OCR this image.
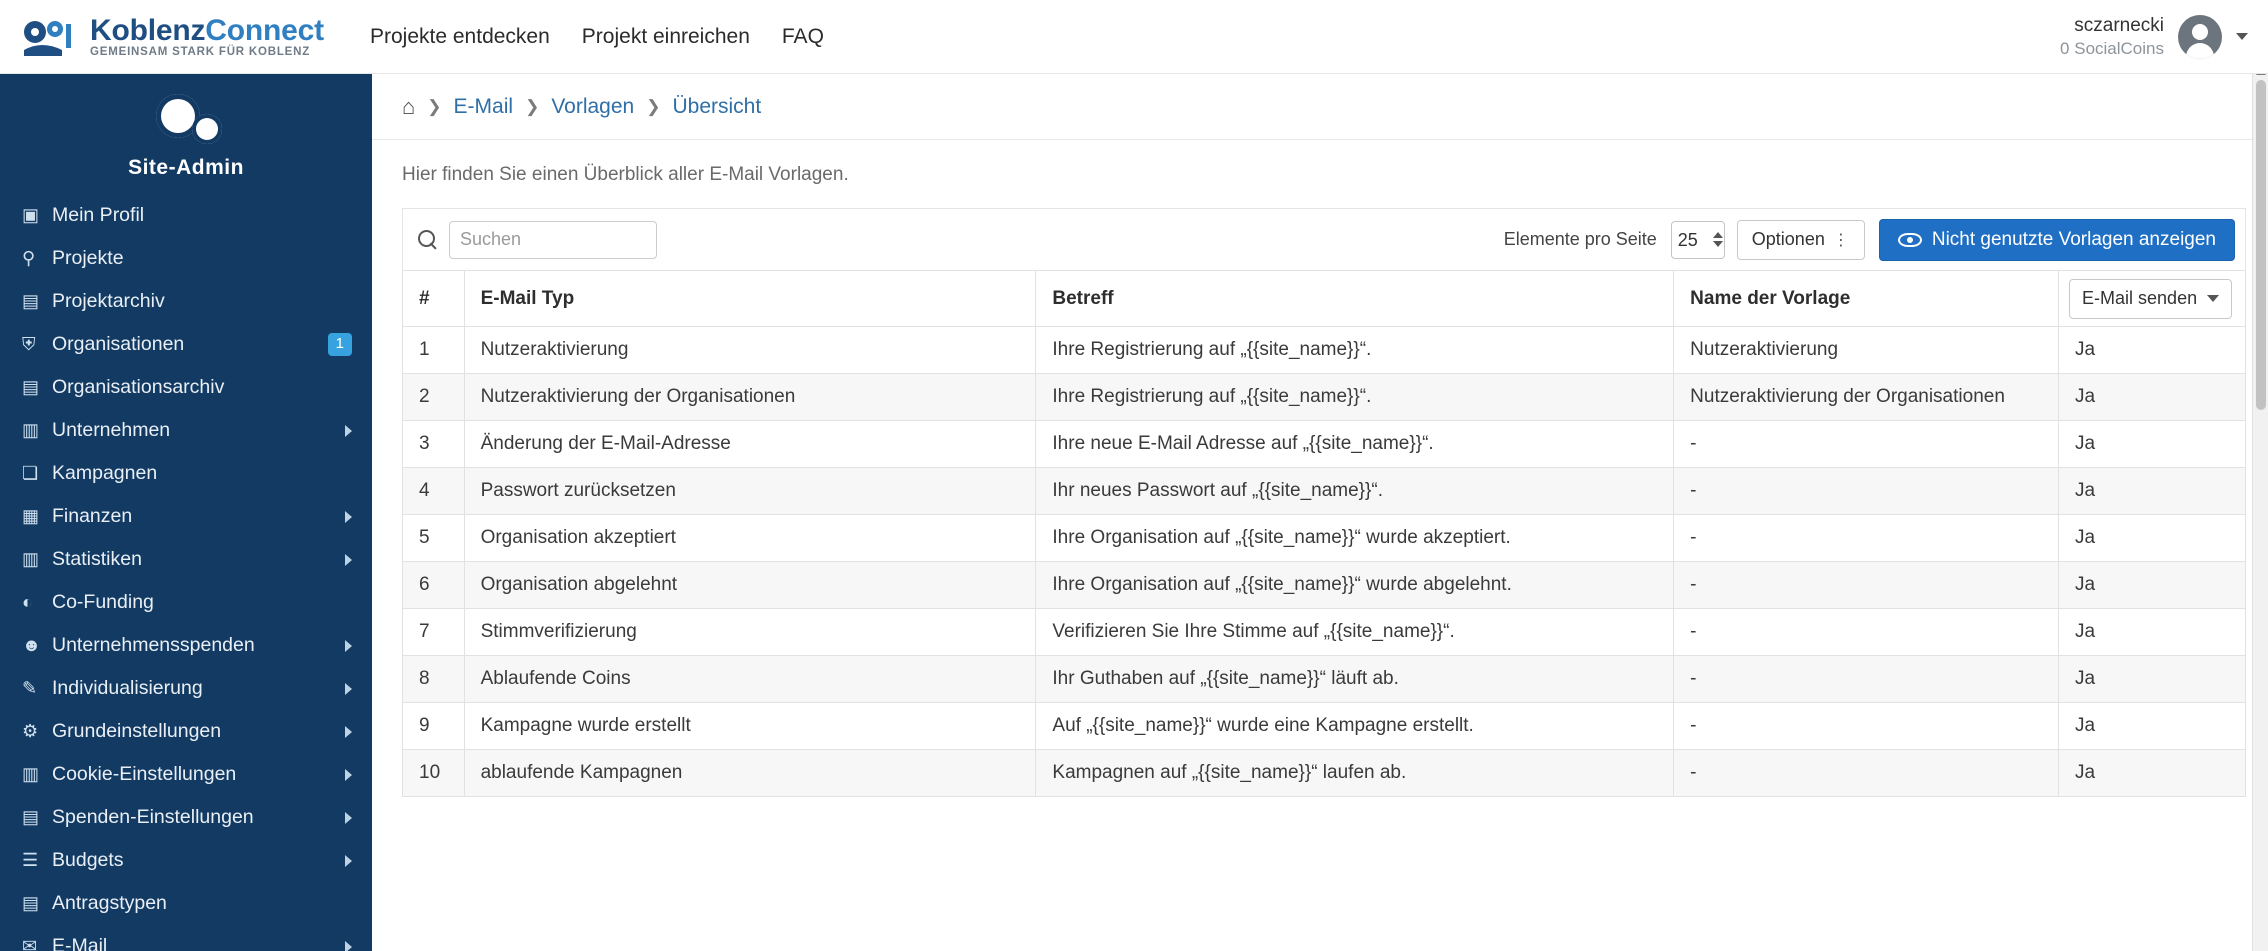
KoblenzConnect
GEMEINSAM STARK FÜR KOBLENZ
Projekte entdecken Projekt einreichen FAQ	sczarnecki
0 SocialCoins
Site-Admin
▣ Mein Profil
⚲ Projekte
▤ Projektarchiv
⛨ Organisationen	1
▤ Organisationsarchiv
▥ Unternehmen
❏ Kampagnen
▦ Finanzen
▥ Statistiken
◐ Co-Funding
☻ Unternehmensspenden
✎ Individualisierung
⚙ Grundeinstellungen
▥ Cookie-Einstellungen
▤ Spenden-Einstellungen
☰ Budgets
▤ Antragstypen
✉ E-Mail
⌂ ❯ E-Mail ❯ Vorlagen ❯ Übersicht
Hier finden Sie einen Überblick aller E-Mail Vorlagen.
Suchen
Elemente pro Seite
25	Optionen ⋮	Nicht genutzte Vorlagen anzeigen
#	E-Mail Typ	Betreff	Name der Vorlage	E-Mail senden

1	Nutzeraktivierung	Ihre Registrierung auf „{{site_name}}“.	Nutzeraktivierung	Ja
2	Nutzeraktivierung der Organisationen	Ihre Registrierung auf „{{site_name}}“.	Nutzeraktivierung der Organisationen	Ja
3	Änderung der E-Mail-Adresse	Ihre neue E-Mail Adresse auf „{{site_name}}“.	-	Ja
4	Passwort zurücksetzen	Ihr neues Passwort auf „{{site_name}}“.	-	Ja
5	Organisation akzeptiert	Ihre Organisation auf „{{site_name}}“ wurde akzeptiert.	-	Ja
6	Organisation abgelehnt	Ihre Organisation auf „{{site_name}}“ wurde abgelehnt.	-	Ja
7	Stimmverifizierung	Verifizieren Sie Ihre Stimme auf „{{site_name}}“.	-	Ja
8	Ablaufende Coins	Ihr Guthaben auf „{{site_name}}“ läuft ab.	-	Ja
9	Kampagne wurde erstellt	Auf „{{site_name}}“ wurde eine Kampagne erstellt.	-	Ja
10	ablaufende Kampagnen	Kampagnen auf „{{site_name}}“ laufen ab.	-	Ja
